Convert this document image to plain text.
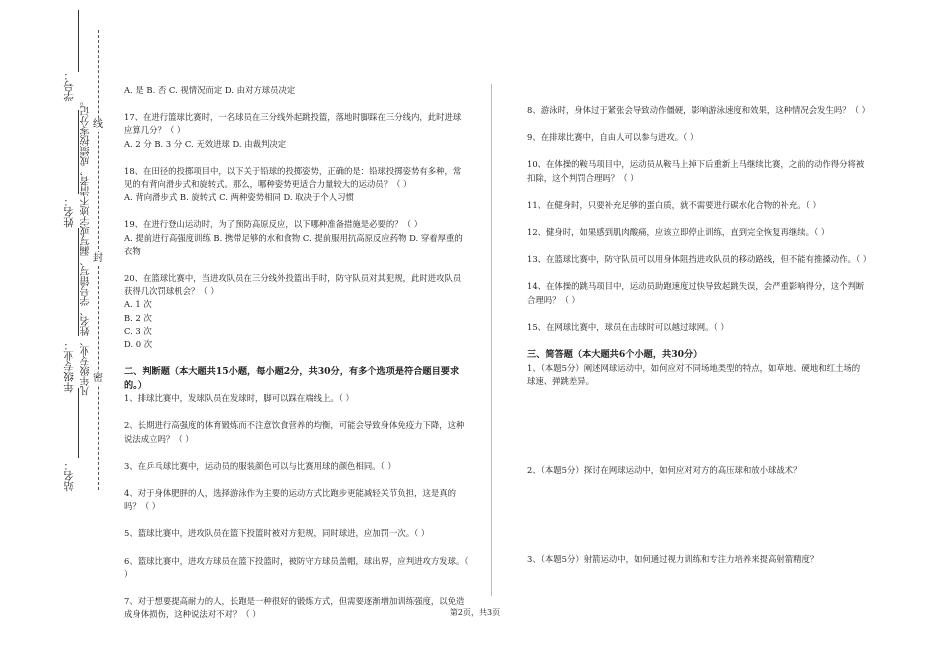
学号：
姓名：
年级专业：
站名：
凡年级专业、姓名、学号错写、漏写或字迹不清者，成绩按零分记。 线
封
密

A. 是 B. 否 C. 视情况而定 D. 由对方球员决定

17、在进行篮球比赛时，一名球员在三分线外起跳投篮，落地时脚踩在三分线内，此时进球应算几分？（ ）

A. 2 分 B. 3 分 C. 无效进球 D. 由裁判决定

18、在田径的投掷项目中，以下关于铅球的投掷姿势，正确的是：铅球投掷姿势有多种，常见的有背向滑步式和旋转式。那么，哪种姿势更适合力量较大的运动员？（ ）

A. 背向滑步式 B. 旋转式 C. 两种姿势相同 D. 取决于个人习惯

19、在进行登山运动时，为了预防高原反应，以下哪种准备措施是必要的？（ ）

A. 提前进行高强度训练 B. 携带足够的水和食物 C. 提前服用抗高原反应药物 D. 穿着厚重的衣物

20、在篮球比赛中，当进攻队员在三分线外投篮出手时，防守队员对其犯规，此时进攻队员获得几次罚球机会？（ ）

A. 1 次

B. 2 次

C. 3 次

D. 0 次

二、判断题（本大题共15小题，每小题2分，共30分，有多个选项是符合题目要求的。）

1、排球比赛中，发球队员在发球时，脚可以踩在端线上。（ ）

2、长期进行高强度的体育锻炼而不注意饮食营养的均衡，可能会导致身体免疫力下降，这种说法成立吗？（ ）

3、在乒乓球比赛中，运动员的服装颜色可以与比赛用球的颜色相同。（ ）

4、对于身体肥胖的人，选择游泳作为主要的运动方式比跑步更能减轻关节负担，这是真的吗？（ ）

5、篮球比赛中，进攻队员在篮下投篮时被对方犯规，同时球进，应加罚一次。（ ）

6、篮球比赛中，进攻方球员在篮下投篮时，被防守方球员盖帽，球出界，应判进攻方发球。（ ）

7、对于想要提高耐力的人，长跑是一种很好的锻炼方式，但需要逐渐增加训练强度，以免造成身体损伤，这种说法对不对？（ ）

8、游泳时，身体过于紧张会导致动作僵硬，影响游泳速度和效果，这种情况会发生吗？（ ）

9、在排球比赛中，自由人可以参与进攻。（ ）

10、在体操的鞍马项目中，运动员从鞍马上掉下后重新上马继续比赛，之前的动作得分将被扣除，这个判罚合理吗？（ ）

11、在健身时，只要补充足够的蛋白质，就不需要进行碳水化合物的补充。（ ）

12、健身时，如果感到肌肉酸痛，应该立即停止训练，直到完全恢复再继续。（ ）

13、在篮球比赛中，防守队员可以用身体阻挡进攻队员的移动路线，但不能有推搡动作。（ ）

14、在体操的跳马项目中，运动员助跑速度过快导致起跳失误，会严重影响得分，这个判断合理吗？（ ）

15、在网球比赛中，球员在击球时可以越过球网。（ ）

三、简答题（本大题共6个小题，共30分）

1、（本题5分）阐述网球运动中，如何应对不同场地类型的特点，如草地、硬地和红土场的球速、弹跳差异。

2、（本题5分）探讨在网球运动中，如何应对对方的高压球和放小球战术？

3、（本题5分）射箭运动中，如何通过视力训练和专注力培养来提高射箭精度？

第2页，共3页
